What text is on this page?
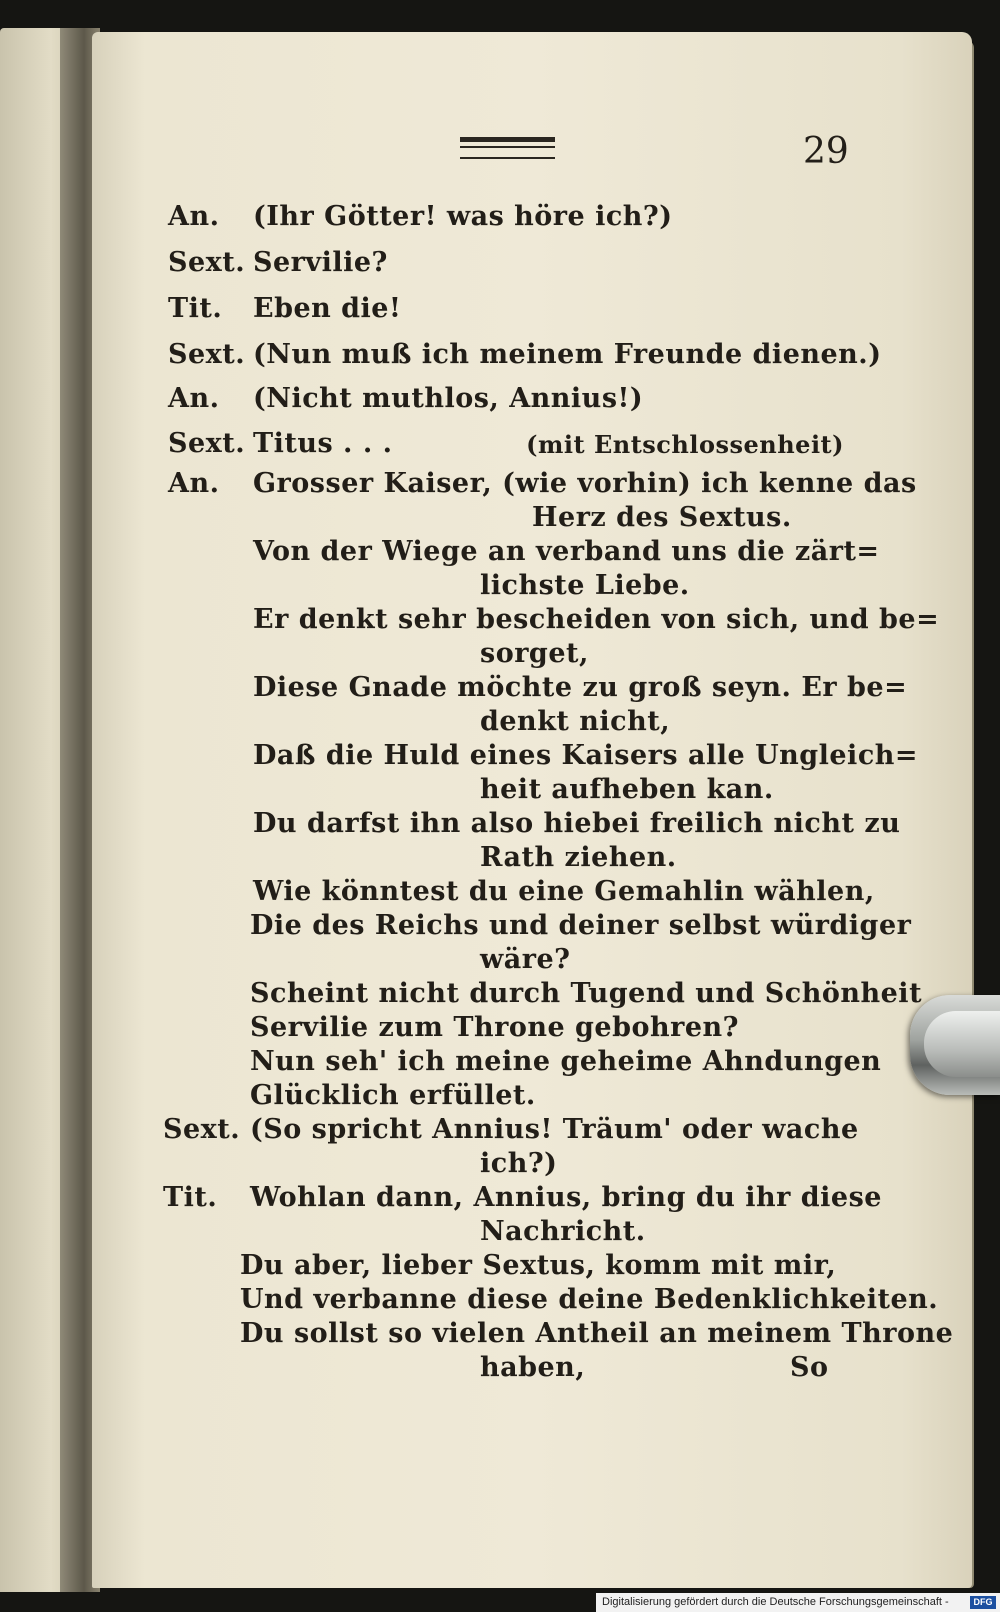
29
An. (Ihr Götter! was höre ich?)
Sext. Servilie?
Tit. Eben die!
Sext. (Nun muß ich meinem Freunde dienen.)
An. (Nicht muthlos, Annius!)
Sext. Titus . . .	(mit Entschlossenheit)
An. Grosser Kaiser, (wie vorhin) ich kenne das
Herz des Sextus.
Von der Wiege an verband uns die zärt=
lichste Liebe.
Er denkt sehr bescheiden von sich, und be=
sorget,
Diese Gnade möchte zu groß seyn. Er be=
denkt nicht,
Daß die Huld eines Kaisers alle Ungleich=
heit aufheben kan.
Du darfst ihn also hiebei freilich nicht zu
Rath ziehen.
Wie könntest du eine Gemahlin wählen,
Die des Reichs und deiner selbst würdiger
wäre?
Scheint nicht durch Tugend und Schönheit
Servilie zum Throne gebohren?
Nun seh' ich meine geheime Ahndungen
Glücklich erfüllet.
Sext. (So spricht Annius! Träum' oder wache
ich?)
Tit. Wohlan dann, Annius, bring du ihr diese
Nachricht.
Du aber, lieber Sextus, komm mit mir,
Und verbanne diese deine Bedenklichkeiten.
Du sollst so vielen Antheil an meinem Throne
haben,	So
Digitalisierung gefördert durch die Deutsche Forschungsgemeinschaft -	DFG
